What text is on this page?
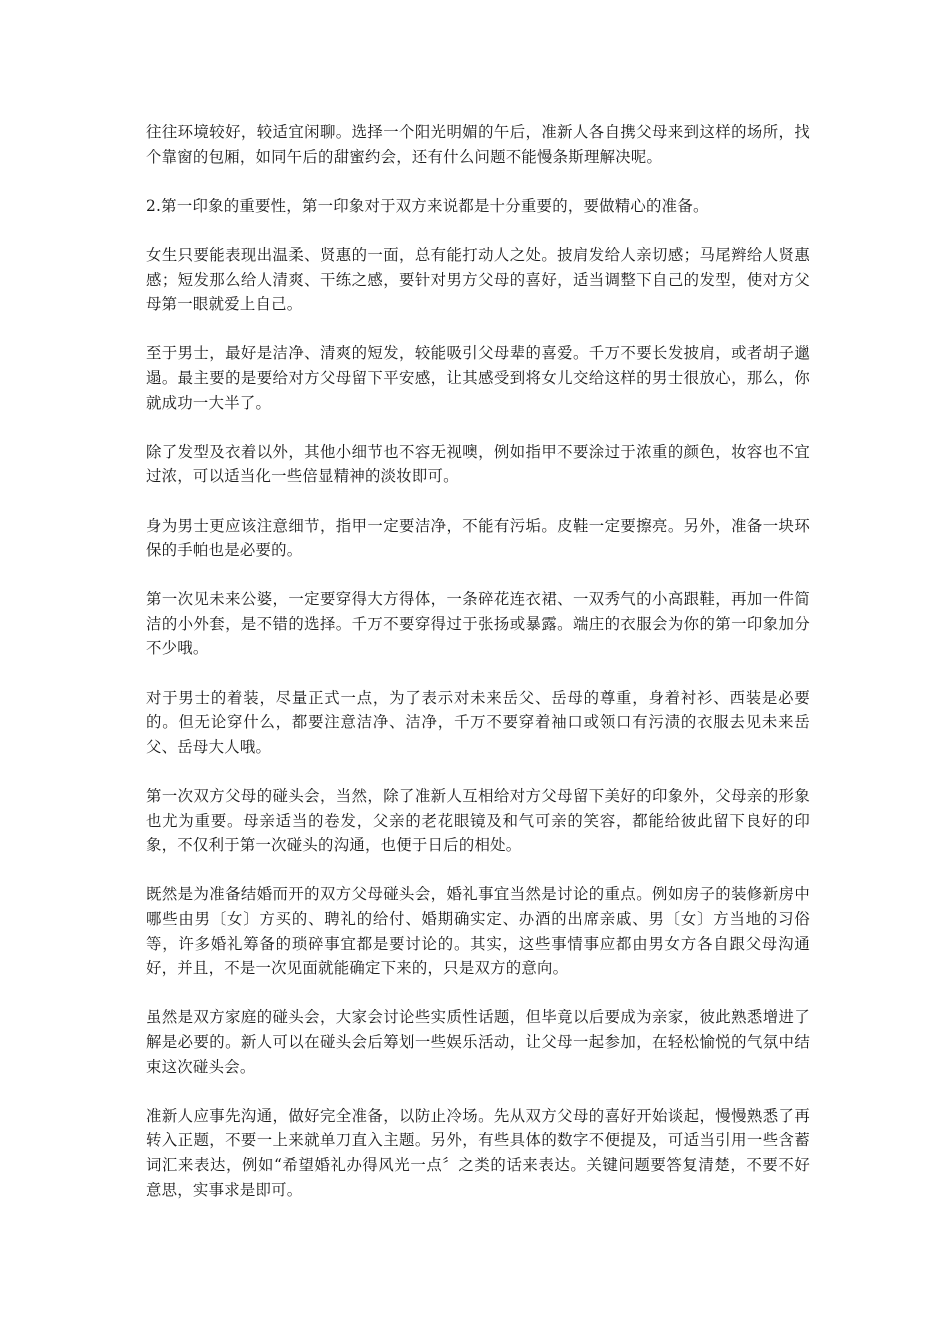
往往环境较好，较适宜闲聊。选择一个阳光明媚的午后，准新人各自携父母来到这样的场所，找个靠窗的包厢，如同午后的甜蜜约会，还有什么问题不能慢条斯理解决呢。

2.第一印象的重要性，第一印象对于双方来说都是十分重要的，要做精心的准备。

女生只要能表现出温柔、贤惠的一面，总有能打动人之处。披肩发给人亲切感；马尾辫给人贤惠感；短发那么给人清爽、干练之感，要针对男方父母的喜好，适当调整下自己的发型，使对方父母第一眼就爱上自己。

至于男士，最好是洁净、清爽的短发，较能吸引父母辈的喜爱。千万不要长发披肩，或者胡子邋遢。最主要的是要给对方父母留下平安感，让其感受到将女儿交给这样的男士很放心，那么，你就成功一大半了。

除了发型及衣着以外，其他小细节也不容无视噢，例如指甲不要涂过于浓重的颜色，妆容也不宜过浓，可以适当化一些倍显精神的淡妆即可。

身为男士更应该注意细节，指甲一定要洁净，不能有污垢。皮鞋一定要擦亮。另外，准备一块环保的手帕也是必要的。

第一次见未来公婆，一定要穿得大方得体，一条碎花连衣裙、一双秀气的小高跟鞋，再加一件简洁的小外套，是不错的选择。千万不要穿得过于张扬或暴露。端庄的衣服会为你的第一印象加分不少哦。

对于男士的着装，尽量正式一点，为了表示对未来岳父、岳母的尊重，身着衬衫、西装是必要的。但无论穿什么，都要注意洁净、洁净，千万不要穿着袖口或领口有污渍的衣服去见未来岳父、岳母大人哦。

第一次双方父母的碰头会，当然，除了准新人互相给对方父母留下美好的印象外，父母亲的形象也尤为重要。母亲适当的卷发，父亲的老花眼镜及和气可亲的笑容，都能给彼此留下良好的印象，不仅利于第一次碰头的沟通，也便于日后的相处。

既然是为准备结婚而开的双方父母碰头会，婚礼事宜当然是讨论的重点。例如房子的装修新房中哪些由男〔女〕方买的、聘礼的给付、婚期确实定、办酒的出席亲戚、男〔女〕方当地的习俗等，许多婚礼筹备的琐碎事宜都是要讨论的。其实，这些事情事应都由男女方各自跟父母沟通好，并且，不是一次见面就能确定下来的，只是双方的意向。

虽然是双方家庭的碰头会，大家会讨论些实质性话题，但毕竟以后要成为亲家，彼此熟悉增进了解是必要的。新人可以在碰头会后筹划一些娱乐活动，让父母一起参加，在轻松愉悦的气氛中结束这次碰头会。

准新人应事先沟通，做好完全准备，以防止冷场。先从双方父母的喜好开始谈起，慢慢熟悉了再转入正题，不要一上来就单刀直入主题。另外，有些具体的数字不便提及，可适当引用一些含蓄词汇来表达，例如“希望婚礼办得风光一点〞之类的话来表达。关键问题要答复清楚，不要不好意思，实事求是即可。
